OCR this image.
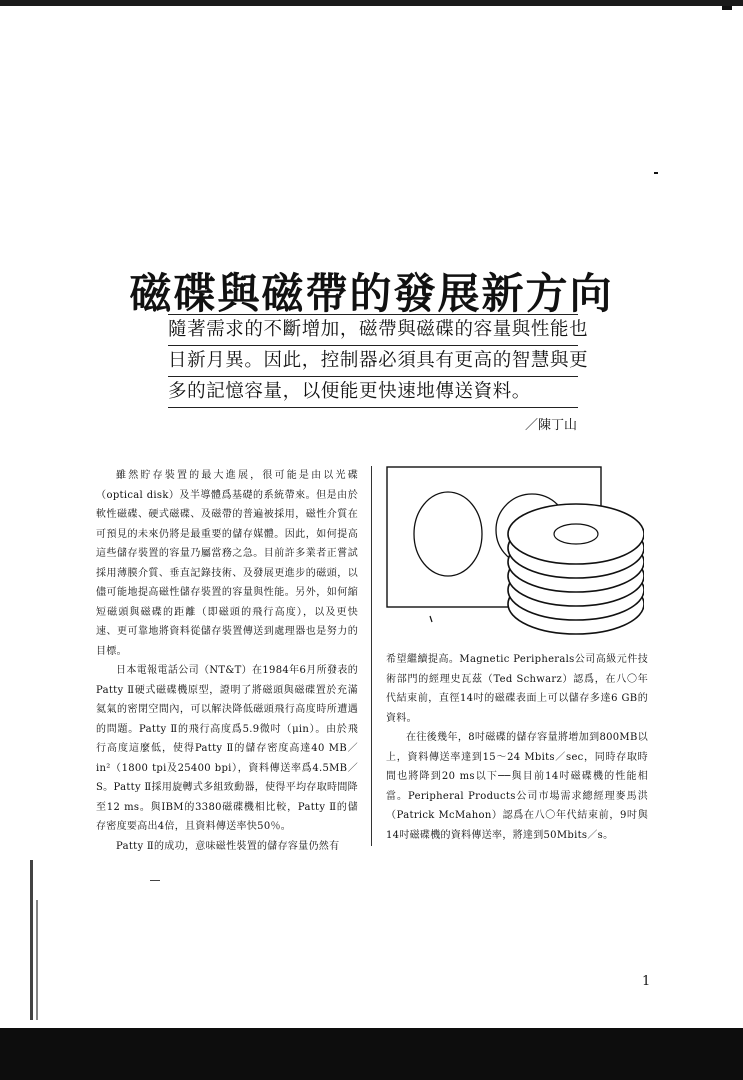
磁碟與磁帶的發展新方向
隨著需求的不斷增加，磁帶與磁碟的容量與性能也
日新月異。因此，控制器必須具有更高的智慧與更
多的記憶容量，以便能更快速地傳送資料。
／陳丁山

雖然貯存裝置的最大進展，很可能是由以光碟（optical disk）及半導體爲基礎的系統帶來。但是由於軟性磁碟、硬式磁碟、及磁帶的普遍被採用，磁性介質在可預見的未來仍將是最重要的儲存媒體。因此，如何提高這些儲存裝置的容量乃屬當務之急。目前許多業者正嘗試採用薄膜介質、垂直記錄技術、及發展更進步的磁頭，以儘可能地提高磁性儲存裝置的容量與性能。另外，如何縮短磁頭與磁碟的距離（即磁頭的飛行高度），以及更快速、更可靠地將資料從儲存裝置傳送到處理器也是努力的目標。

日本電報電話公司（NT&T）在1984年6月所發表的Patty Ⅱ硬式磁碟機原型，證明了將磁頭與磁碟置於充滿氦氣的密閉空間內，可以解決降低磁頭飛行高度時所遭遇的問題。Patty Ⅱ的飛行高度爲5.9微吋（μin）。由於飛行高度這麼低，使得Patty Ⅱ的儲存密度高達40 MB／in²（1800 tpi及25400 bpi），資料傳送率爲4.5MB／S。Patty Ⅱ採用旋轉式多組致動器，使得平均存取時間降至12 ms。與IBM的3380磁碟機相比較，Patty Ⅱ的儲存密度要高出4倍，且資料傳送率快50％。

Patty Ⅱ的成功，意味磁性裝置的儲存容量仍然有

希望繼續提高。Magnetic Peripherals公司高級元件技術部門的經理史瓦茲（Ted Schwarz）認爲，在八〇年代結束前，直徑14吋的磁碟表面上可以儲存多達6 GB的資料。

在往後幾年，8吋磁碟的儲存容量將增加到800MB以上，資料傳送率達到15～24 Mbits／sec，同時存取時間也將降到20 ms以下──與目前14吋磁碟機的性能相當。Peripheral Products公司市場需求總經理麥馬洪（Patrick McMahon）認爲在八〇年代結束前，9吋與14吋磁碟機的資料傳送率，將達到50Mbits／s。

1
